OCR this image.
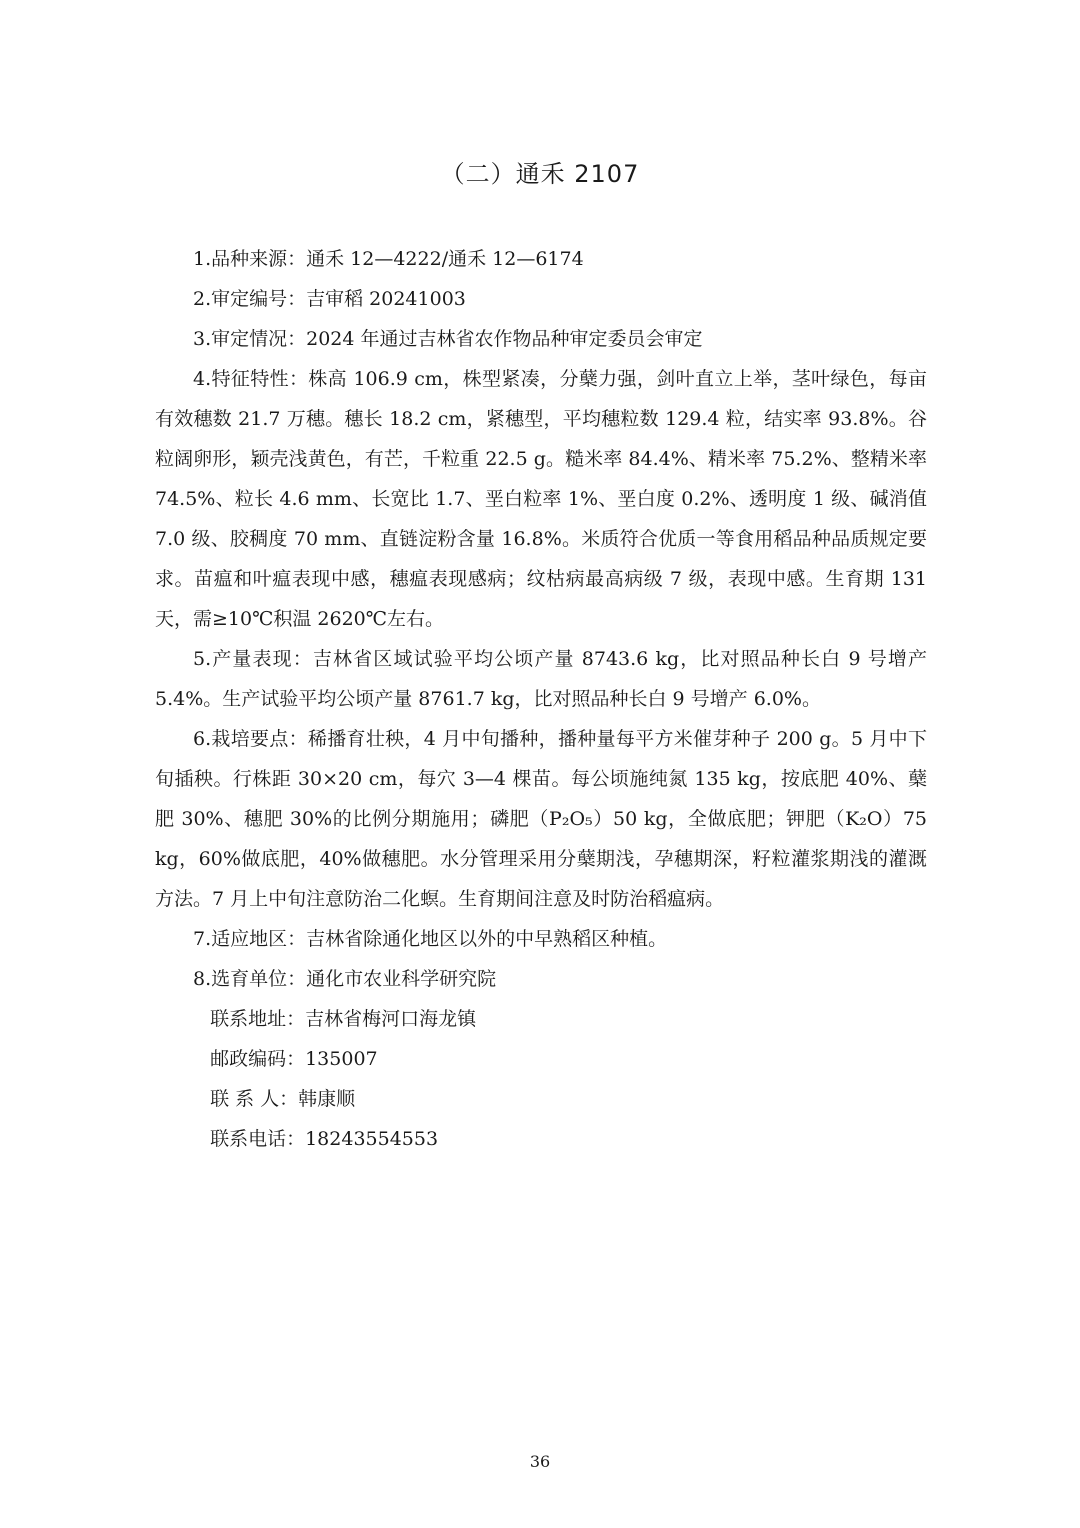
（二）通禾 2107

1.品种来源：通禾 12—4222/通禾 12—6174

2.审定编号：吉审稻 20241003

3.审定情况：2024 年通过吉林省农作物品种审定委员会审定

4.特征特性：株高 106.9 cm，株型紧凑，分蘖力强，剑叶直立上举，茎叶绿色，每亩有效穗数 21.7 万穗。穗长 18.2 cm，紧穗型，平均穗粒数 129.4 粒，结实率 93.8%。谷粒阔卵形，颖壳浅黄色，有芒，千粒重 22.5 g。糙米率 84.4%、精米率 75.2%、整精米率 74.5%、粒长 4.6 mm、长宽比 1.7、垩白粒率 1%、垩白度 0.2%、透明度 1 级、碱消值 7.0 级、胶稠度 70 mm、直链淀粉含量 16.8%。米质符合优质一等食用稻品种品质规定要求。苗瘟和叶瘟表现中感，穗瘟表现感病；纹枯病最高病级 7 级，表现中感。生育期 131 天，需≥10℃积温 2620℃左右。

5.产量表现：吉林省区域试验平均公顷产量 8743.6 kg，比对照品种长白 9 号增产 5.4%。生产试验平均公顷产量 8761.7 kg，比对照品种长白 9 号增产 6.0%。

6.栽培要点：稀播育壮秧，4 月中旬播种，播种量每平方米催芽种子 200 g。5 月中下旬插秧。行株距 30×20 cm，每穴 3—4 棵苗。每公顷施纯氮 135 kg，按底肥 40%、蘖肥 30%、穗肥 30%的比例分期施用；磷肥（P₂O₅）50 kg，全做底肥；钾肥（K₂O）75 kg，60%做底肥，40%做穗肥。水分管理采用分蘖期浅，孕穗期深，籽粒灌浆期浅的灌溉方法。7 月上中旬注意防治二化螟。生育期间注意及时防治稻瘟病。

7.适应地区：吉林省除通化地区以外的中早熟稻区种植。

8.选育单位：通化市农业科学研究院

联系地址：吉林省梅河口海龙镇

邮政编码：135007

联 系 人：韩康顺

联系电话：18243554553

36
